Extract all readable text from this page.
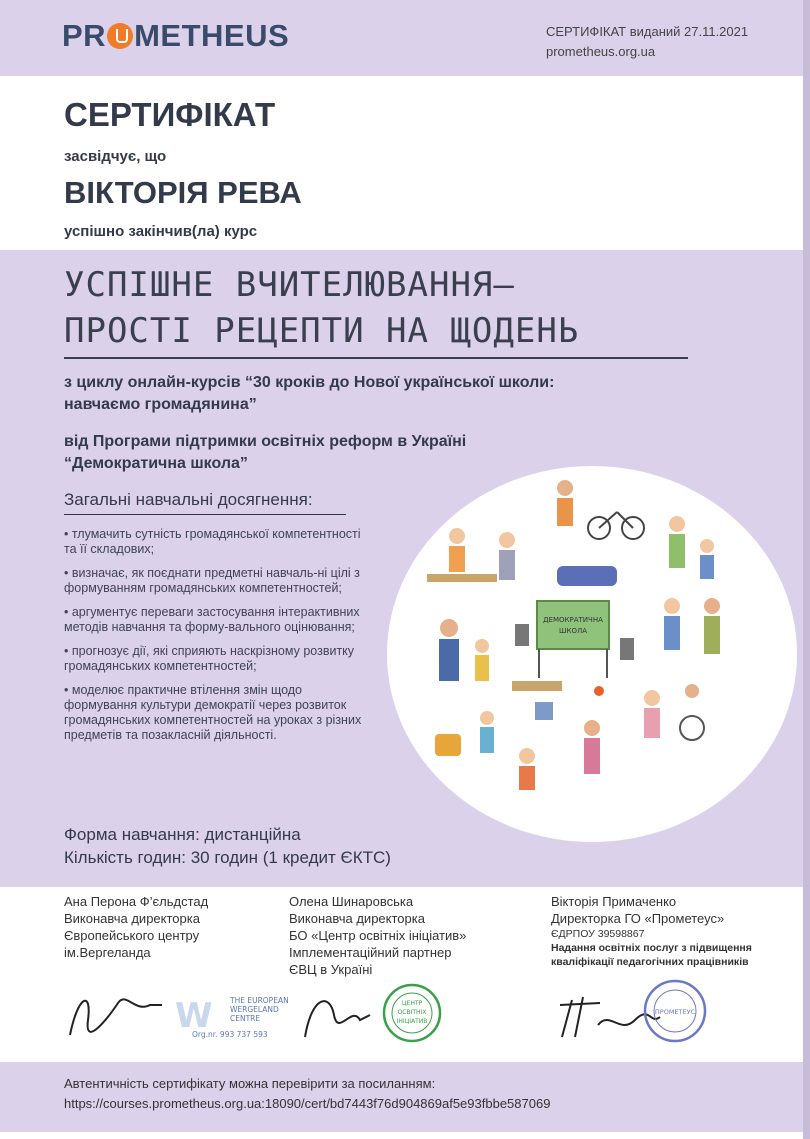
PR METHEUS	СЕРТИФІКАТ виданий 27.11.2021
prometheus.org.ua
СЕРТИФІКАТ
засвідчує, що
ВІКТОРІЯ РЕВА
успішно закінчив(ла) курс
УСПІШНЕ ВЧИТЕЛЮВАННЯ—
ПРОСТІ РЕЦЕПТИ НА ЩОДЕНЬ
з циклу онлайн-курсів “30 кроків до Нової української школи:
навчаємо громадянина”
від Програми підтримки освітніх реформ в Україні
“Демократична школа”
Загальні навчальні досягнення:
• тлумачить сутність громадянської компетентності та її складових;
• визначає, як поєднати предметні навчаль-ні цілі з формуванням громадянських компетентностей;
• аргументує переваги застосування інтерактивних методів навчання та форму-вального оцінювання;
• прогнозує дії, які сприяють наскрізному розвитку громадянських компетентностей;
• моделює практичне втілення змін щодо формування культури демократії через розвиток громадянських компетентностей на уроках з різних предметів та позакласній діяльності.
Форма навчання: дистанційна
Кількість годин: 30 годин (1 кредит ЄКТС)
ДЕМОКРАТИЧНА
ШКОЛА
Ана Перона Ф’єльдстад
Виконавча директорка
Європейського центру
ім.Вергеланда
Олена Шинаровська
Виконавча директорка
БО «Центр освітніх ініціатив»
Імплементаційний партнер
ЄВЦ в Україні
Вікторія Примаченко
Директорка ГО «Прометеус»
ЄДРПОУ 39598867
Надання освітніх послуг з підвищення
кваліфікації педагогічних працівників
W THE EUROPEAN
WERGELAND
CENTRE
Org.nr. 993 737 593
ЦЕНТР
ОСВІТНІХ
ІНІЦІАТИВ
ПРОМЕТЕУС
Автентичність сертифікату можна перевірити за посиланням:
https://courses.prometheus.org.ua:18090/cert/bd7443f76d904869af5e93fbbe587069
